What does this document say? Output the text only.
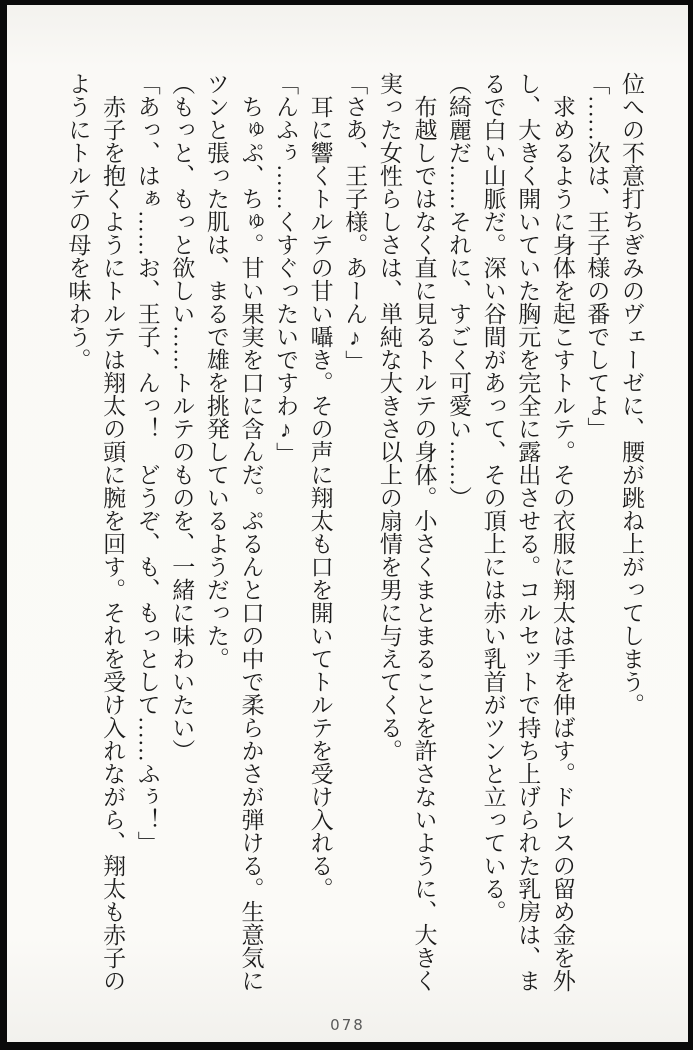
位への不意打ちぎみのヴェーゼに、腰が跳ね上がってしまう。

「……次は、王子様の番でしてよ」

求めるように身体を起こすトルテ。その衣服に翔太は手を伸ばす。ドレスの留め金を外し、大きく開いていた胸元を完全に露出させる。コルセットで持ち上げられた乳房は、まるで白い山脈だ。深い谷間があって、その頂上には赤い乳首がツンと立っている。

（綺麗だ……それに、すごく可愛い……）

布越しではなく直に見るトルテの身体。小さくまとまることを許さないように、大きく実った女性らしさは、単純な大きさ以上の扇情を男に与えてくる。

「さあ、王子様。あーん♪」

耳に響くトルテの甘い囁き。その声に翔太も口を開いてトルテを受け入れる。

「んふぅ……くすぐったいですわ♪」

ちゅぷ、ちゅ。甘い果実を口に含んだ。ぷるんと口の中で柔らかさが弾ける。生意気にツンと張った肌は、まるで雄を挑発しているようだった。

（もっと、もっと欲しい……トルテのものを、一緒に味わいたい）

「あっ、はぁ……お、王子、んっ！　どうぞ、も、もっとして……ふぅ！」

赤子を抱くようにトルテは翔太の頭に腕を回す。それを受け入れながら、翔太も赤子のようにトルテの母を味わう。

078
